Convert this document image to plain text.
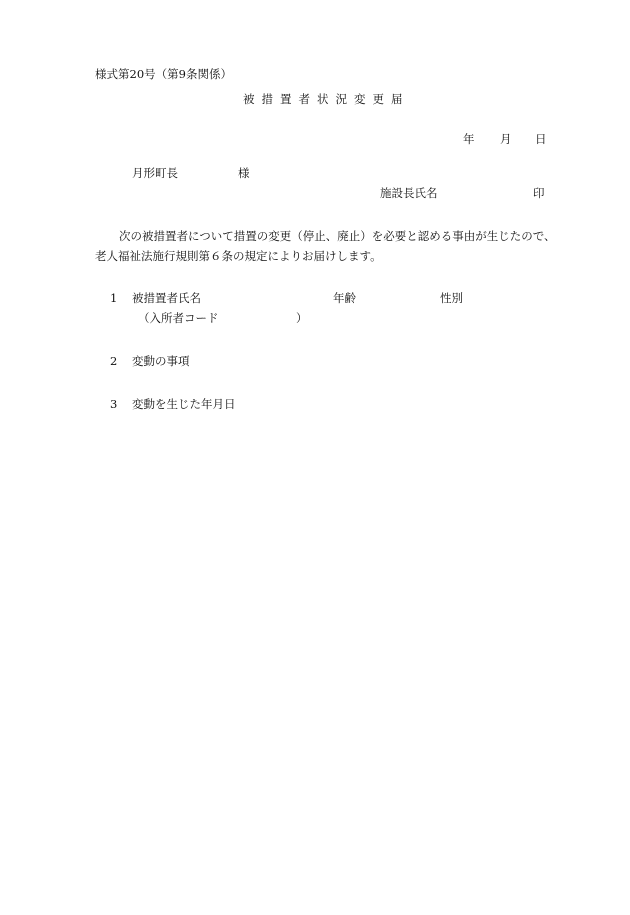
様式第20号（第9条関係）
被措置者状況変更届
年 月 日
月形町長	様
施設長氏名	印
次の被措置者について措置の変更（停止、廃止）を必要と認める事由が生じたので、
老人福祉法施行規則第６条の規定によりお届けします。
1 被措置者氏名	年齢	性別
（入所者コード	）
2 変動の事項
3 変動を生じた年月日
